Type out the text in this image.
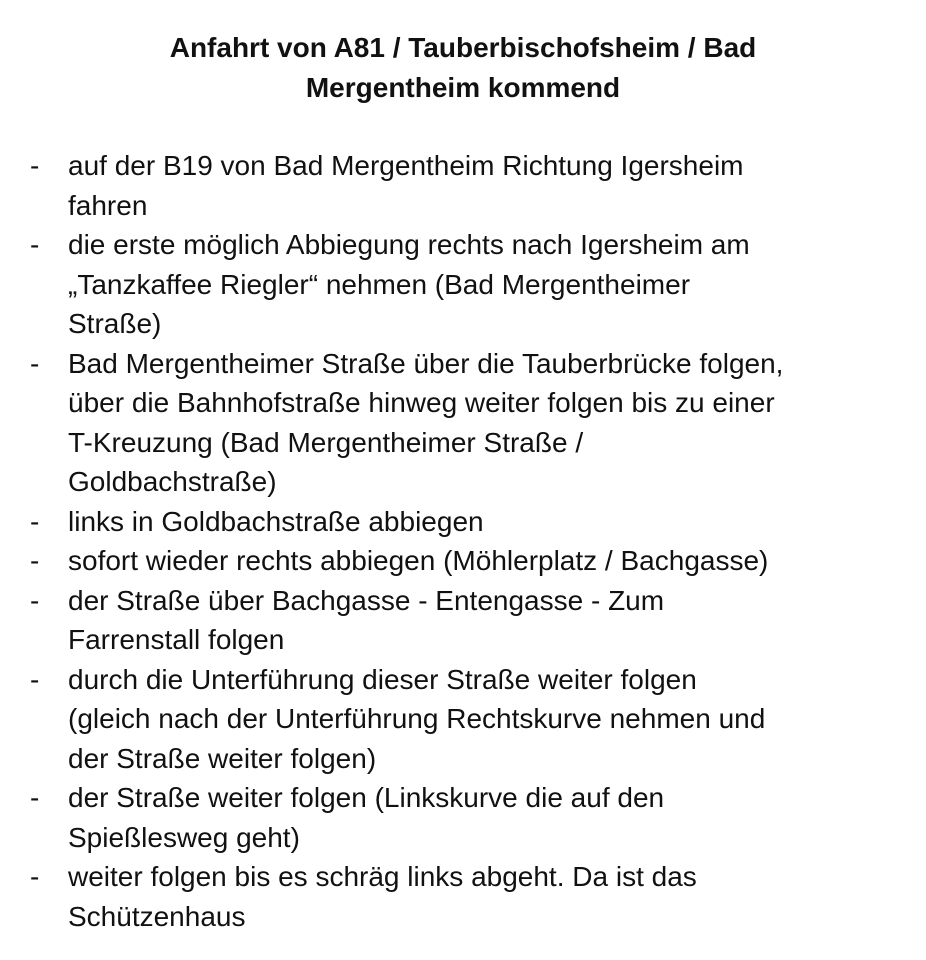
Anfahrt von A81 / Tauberbischofsheim / Bad
Mergentheim kommend
- auf der B19 von Bad Mergentheim Richtung Igersheim
fahren
- die erste möglich Abbiegung rechts nach Igersheim am
„Tanzkaffee Riegler“ nehmen (Bad Mergentheimer
Straße)
- Bad Mergentheimer Straße über die Tauberbrücke folgen,
über die Bahnhofstraße hinweg weiter folgen bis zu einer
T-Kreuzung (Bad Mergentheimer Straße /
Goldbachstraße)
- links in Goldbachstraße abbiegen
- sofort wieder rechts abbiegen (Möhlerplatz / Bachgasse)
- der Straße über Bachgasse - Entengasse - Zum
Farrenstall folgen
- durch die Unterführung dieser Straße weiter folgen
(gleich nach der Unterführung Rechtskurve nehmen und
der Straße weiter folgen)
- der Straße weiter folgen (Linkskurve die auf den
Spießlesweg geht)
- weiter folgen bis es schräg links abgeht. Da ist das
Schützenhaus
